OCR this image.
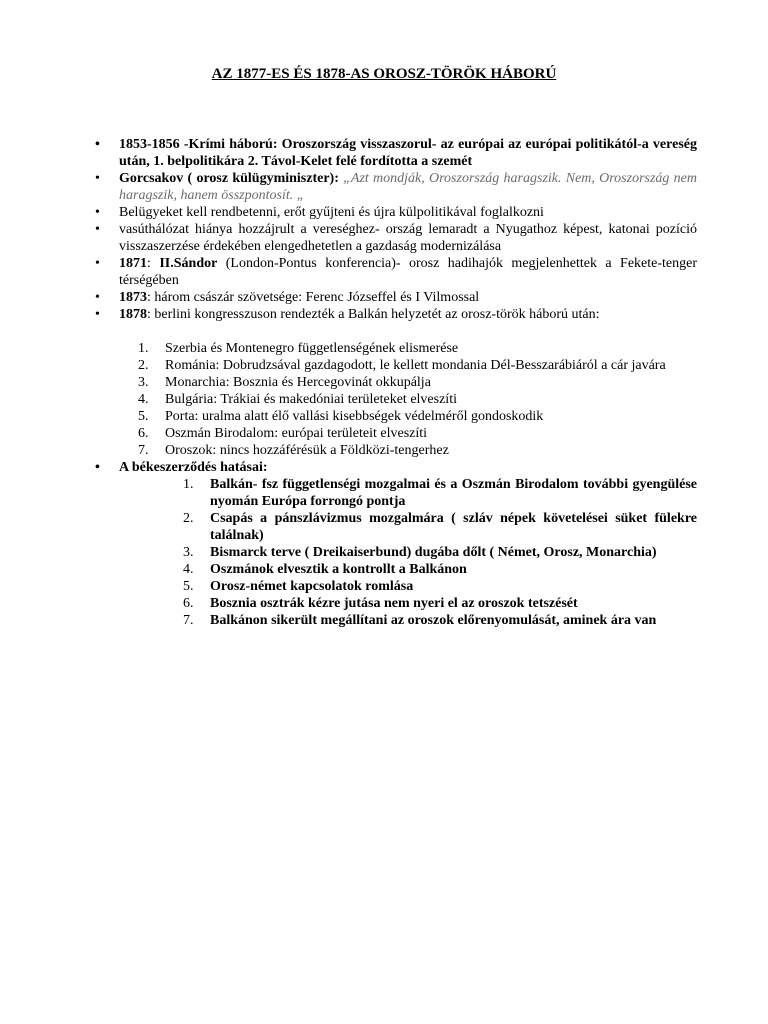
AZ 1877-ES ÉS 1878-AS OROSZ-TÖRÖK HÁBORÚ
• 1853-1856 -Krími háború: Oroszország visszaszorul- az európai az európai politikától-a vereség után, 1. belpolitikára 2. Távol-Kelet felé fordította a szemét
• Gorcsakov ( orosz külügyminiszter): „Azt mondják, Oroszország haragszik. Nem, Oroszország nem haragszik, hanem összpontosít. „
• Belügyeket kell rendbetenni, erőt gyűjteni és újra külpolitikával foglalkozni
• vasúthálózat hiánya hozzájrult a vereséghez- ország lemaradt a Nyugathoz képest, katonai pozíció visszaszerzése érdekében elengedhetetlen a gazdaság modernizálása
• 1871: II.Sándor (London-Pontus konferencia)- orosz hadihajók megjelenhettek a Fekete-tenger térségében
• 1873: három császár szövetsége: Ferenc Józseffel és I Vilmossal
• 1878: berlini kongresszuson rendezték a Balkán helyzetét az orosz-török háború után:
1.	Szerbia és Montenegro függetlenségének elismerése
2.	Románia: Dobrudzsával gazdagodott, le kellett mondania Dél-Besszarábiáról a cár javára
3.	Monarchia: Bosznia és Hercegovinát okkupálja
4.	Bulgária: Trákiai és makedóniai területeket elveszíti
5.	Porta: uralma alatt élő vallási kisebbségek védelméről gondoskodik
6.	Oszmán Birodalom: európai területeit elveszíti
7.	Oroszok: nincs hozzáférésük a Földközi-tengerhez
• A békeszerződés hatásai:
1.	Balkán- fsz függetlenségi mozgalmai és a Oszmán Birodalom további gyengülése nyomán Európa forrongó pontja
2.	Csapás a pánszlávizmus mozgalmára ( szláv népek követelései süket fülekre találnak)
3.	Bismarck terve ( Dreikaiserbund) dugába dőlt ( Német, Orosz, Monarchia)
4.	Oszmánok elvesztik a kontrollt a Balkánon
5.	Orosz-német kapcsolatok romlása
6.	Bosznia osztrák kézre jutása nem nyeri el az oroszok tetszését
7.	Balkánon sikerült megállítani az oroszok előrenyomulását, aminek ára van
